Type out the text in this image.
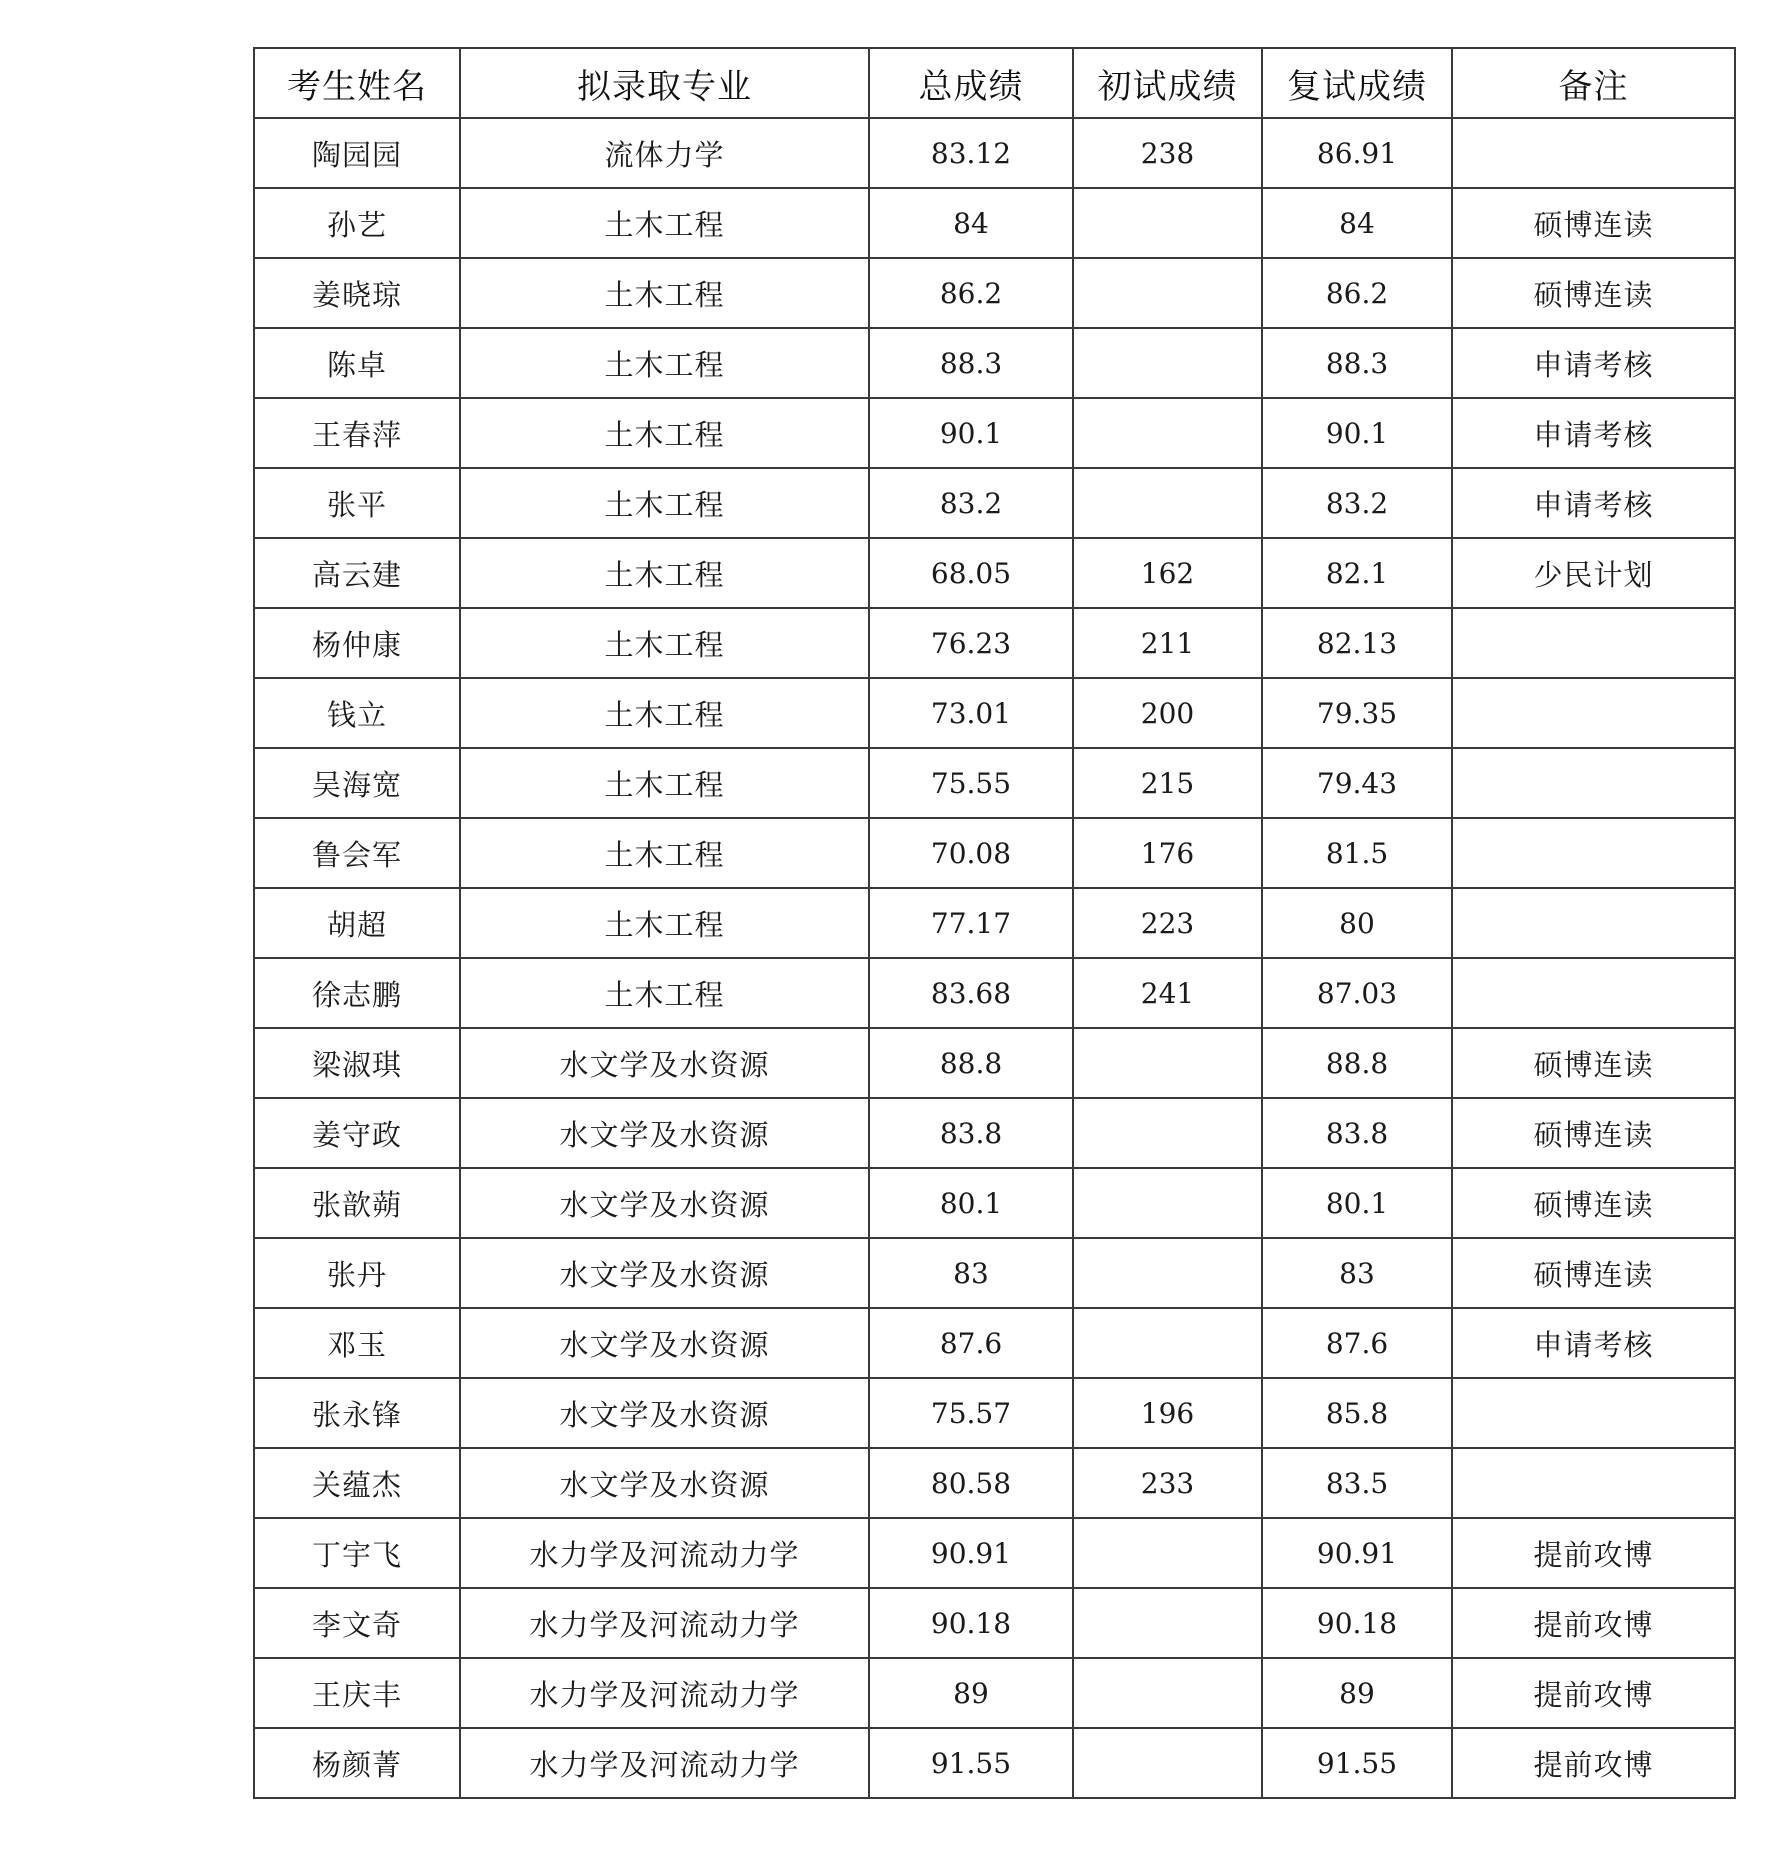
考生姓名	拟录取专业	总成绩	初试成绩	复试成绩	备注
陶园园	流体力学	83.12	238	86.91	
孙艺	土木工程	84		84	硕博连读
姜晓琼	土木工程	86.2		86.2	硕博连读
陈卓	土木工程	88.3		88.3	申请考核
王春萍	土木工程	90.1		90.1	申请考核
张平	土木工程	83.2		83.2	申请考核
高云建	土木工程	68.05	162	82.1	少民计划
杨仲康	土木工程	76.23	211	82.13	
钱立	土木工程	73.01	200	79.35	
吴海宽	土木工程	75.55	215	79.43	
鲁会军	土木工程	70.08	176	81.5	
胡超	土木工程	77.17	223	80	
徐志鹏	土木工程	83.68	241	87.03	
梁淑琪	水文学及水资源	88.8		88.8	硕博连读
姜守政	水文学及水资源	83.8		83.8	硕博连读
张歆蒴	水文学及水资源	80.1		80.1	硕博连读
张丹	水文学及水资源	83		83	硕博连读
邓玉	水文学及水资源	87.6		87.6	申请考核
张永锋	水文学及水资源	75.57	196	85.8	
关蕴杰	水文学及水资源	80.58	233	83.5	
丁宇飞	水力学及河流动力学	90.91		90.91	提前攻博
李文奇	水力学及河流动力学	90.18		90.18	提前攻博
王庆丰	水力学及河流动力学	89		89	提前攻博
杨颜菁	水力学及河流动力学	91.55		91.55	提前攻博
